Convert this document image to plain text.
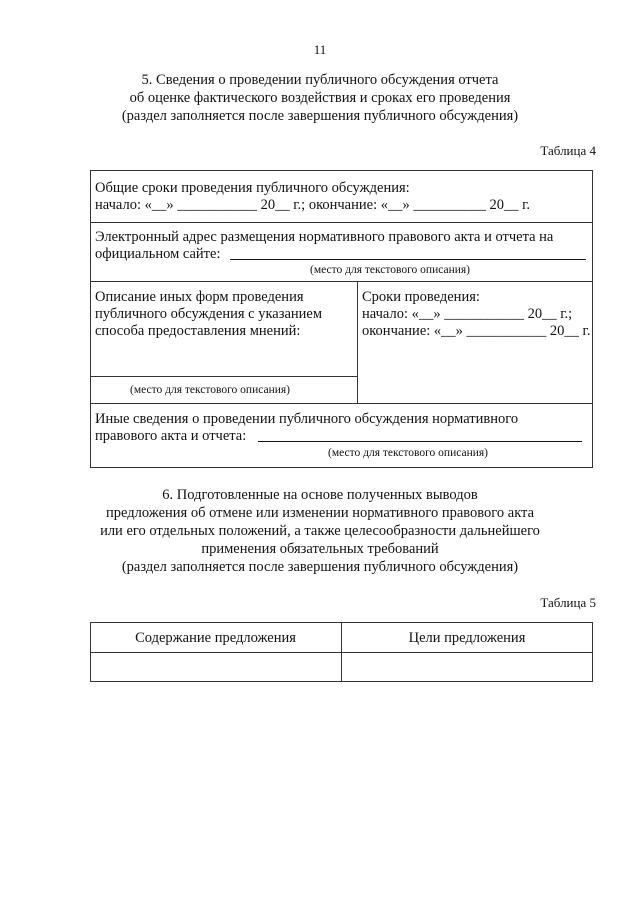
11
5. Сведения о проведении публичного обсуждения отчета
об оценке фактического воздействия и сроках его проведения
(раздел заполняется после завершения публичного обсуждения)
Таблица 4
Общие сроки проведения публичного обсуждения:
начало: «__» ___________ 20__ г.; окончание: «__» __________ 20__ г.
Электронный адрес размещения нормативного правового акта и отчета на
официальном сайте:
(место для текстового описания)
Описание иных форм проведения
публичного обсуждения с указанием
способа предоставления мнений:
(место для текстового описания)
Сроки проведения:
начало: «__» ___________ 20__ г.;
окончание: «__» ___________ 20__ г.
Иные сведения о проведении публичного обсуждения нормативного
правового акта и отчета:
(место для текстового описания)
6. Подготовленные на основе полученных выводов
предложения об отмене или изменении нормативного правового акта
или его отдельных положений, а также целесообразности дальнейшего
применения обязательных требований
(раздел заполняется после завершения публичного обсуждения)
Таблица 5
Содержание предложения	Цели предложения
